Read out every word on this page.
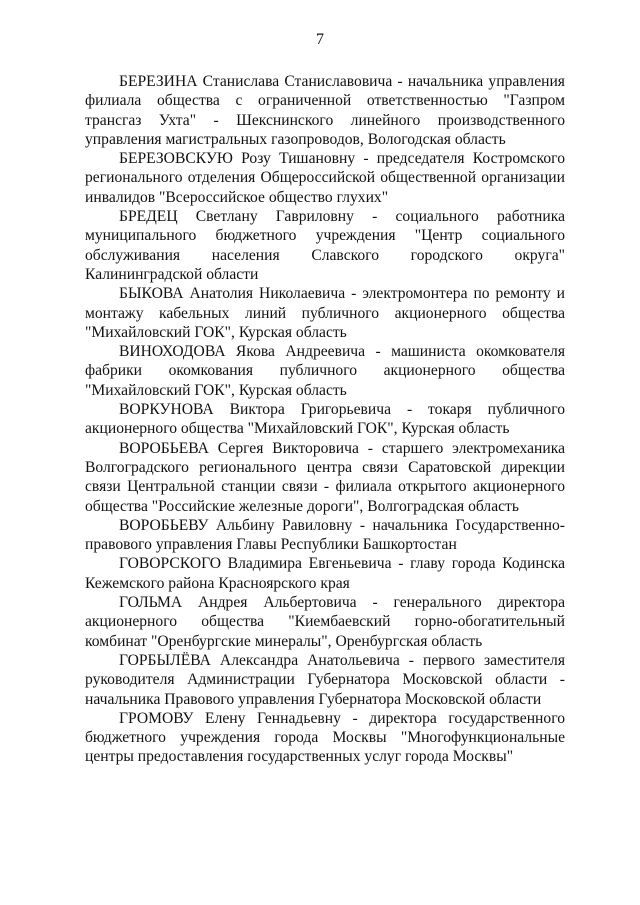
7

БЕРЕЗИНА Станислава Станиславовича - начальника управления филиала общества с ограниченной ответственностью "Газпром трансгаз Ухта" - Шекснинского линейного производственного управления магистральных газопроводов, Вологодская область

БЕРЕЗОВСКУЮ Розу Тишановну - председателя Костромского регионального отделения Общероссийской общественной организации инвалидов "Всероссийское общество глухих"

БРЕДЕЦ Светлану Гавриловну - социального работника муниципального бюджетного учреждения "Центр социального обслуживания населения Славского городского округа" Калининградской области

БЫКОВА Анатолия Николаевича - электромонтера по ремонту и монтажу кабельных линий публичного акционерного общества "Михайловский ГОК", Курская область

ВИНОХОДОВА Якова Андреевича - машиниста окомкователя фабрики окомкования публичного акционерного общества "Михайловский ГОК", Курская область

ВОРКУНОВА Виктора Григорьевича - токаря публичного акционерного общества "Михайловский ГОК", Курская область

ВОРОБЬЕВА Сергея Викторовича - старшего электромеханика Волгоградского регионального центра связи Саратовской дирекции связи Центральной станции связи - филиала открытого акционерного общества "Российские железные дороги", Волгоградская область

ВОРОБЬЕВУ Альбину Равиловну - начальника Государственно-правового управления Главы Республики Башкортостан

ГОВОРСКОГО Владимира Евгеньевича - главу города Кодинска Кежемского района Красноярского края

ГОЛЬМА Андрея Альбертовича - генерального директора акционерного общества "Киембаевский горно-обогатительный комбинат "Оренбургские минералы", Оренбургская область

ГОРБЫЛЁВА Александра Анатольевича - первого заместителя руководителя Администрации Губернатора Московской области - начальника Правового управления Губернатора Московской области

ГРОМОВУ Елену Геннадьевну - директора государственного бюджетного учреждения города Москвы "Многофункциональные центры предоставления государственных услуг города Москвы"
